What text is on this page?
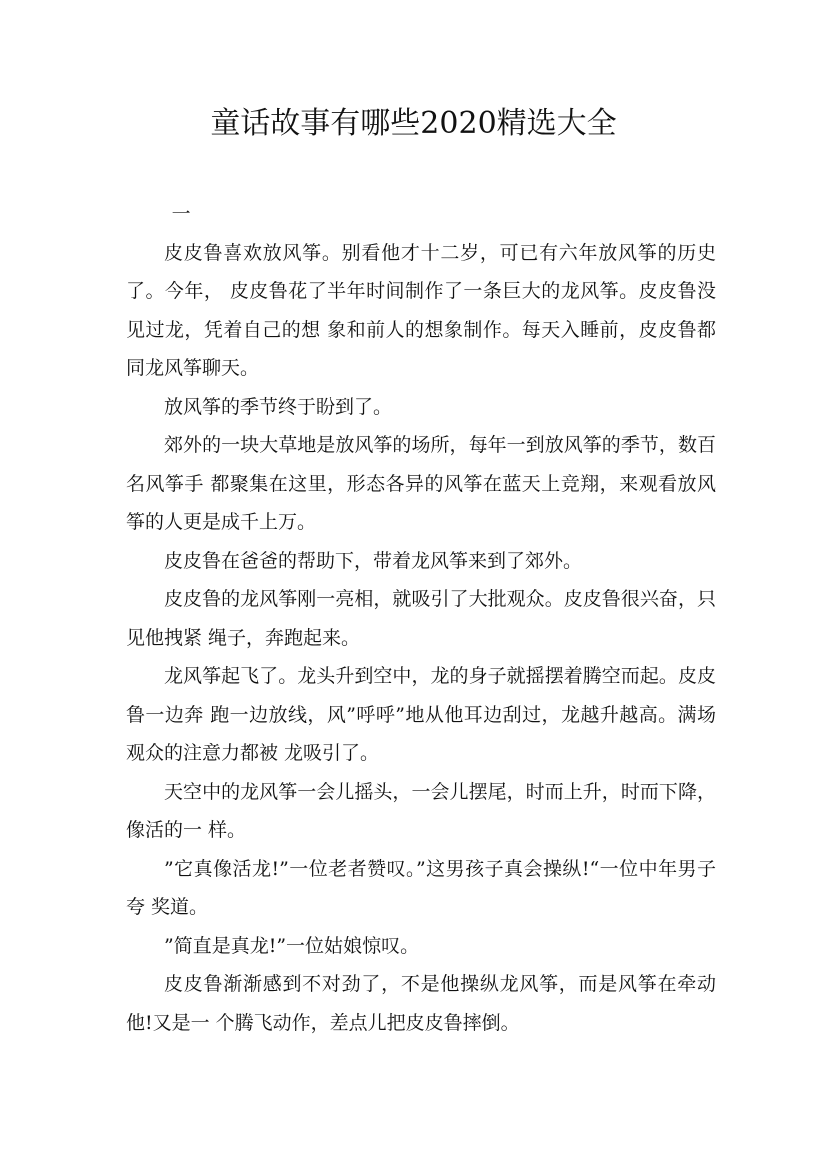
童话故事有哪些2020精选大全

一

皮皮鲁喜欢放风筝。别看他才十二岁，可已有六年放风筝的历史了。今年， 皮皮鲁花了半年时间制作了一条巨大的龙风筝。皮皮鲁没见过龙，凭着自己的想 象和前人的想象制作。每天入睡前，皮皮鲁都同龙风筝聊天。

放风筝的季节终于盼到了。

郊外的一块大草地是放风筝的场所，每年一到放风筝的季节，数百名风筝手 都聚集在这里，形态各异的风筝在蓝天上竞翔，来观看放风筝的人更是成千上万。

皮皮鲁在爸爸的帮助下，带着龙风筝来到了郊外。

皮皮鲁的龙风筝刚一亮相，就吸引了大批观众。皮皮鲁很兴奋，只见他拽紧 绳子，奔跑起来。

龙风筝起飞了。龙头升到空中，龙的身子就摇摆着腾空而起。皮皮鲁一边奔 跑一边放线，风”呼呼”地从他耳边刮过，龙越升越高。满场观众的注意力都被 龙吸引了。

天空中的龙风筝一会儿摇头，一会儿摆尾，时而上升，时而下降，像活的一 样。

”它真像活龙!”一位老者赞叹。”这男孩子真会操纵!“一位中年男子夸 奖道。

”简直是真龙!”一位姑娘惊叹。

皮皮鲁渐渐感到不对劲了，不是他操纵龙风筝，而是风筝在牵动他!又是一 个腾飞动作，差点儿把皮皮鲁摔倒。
